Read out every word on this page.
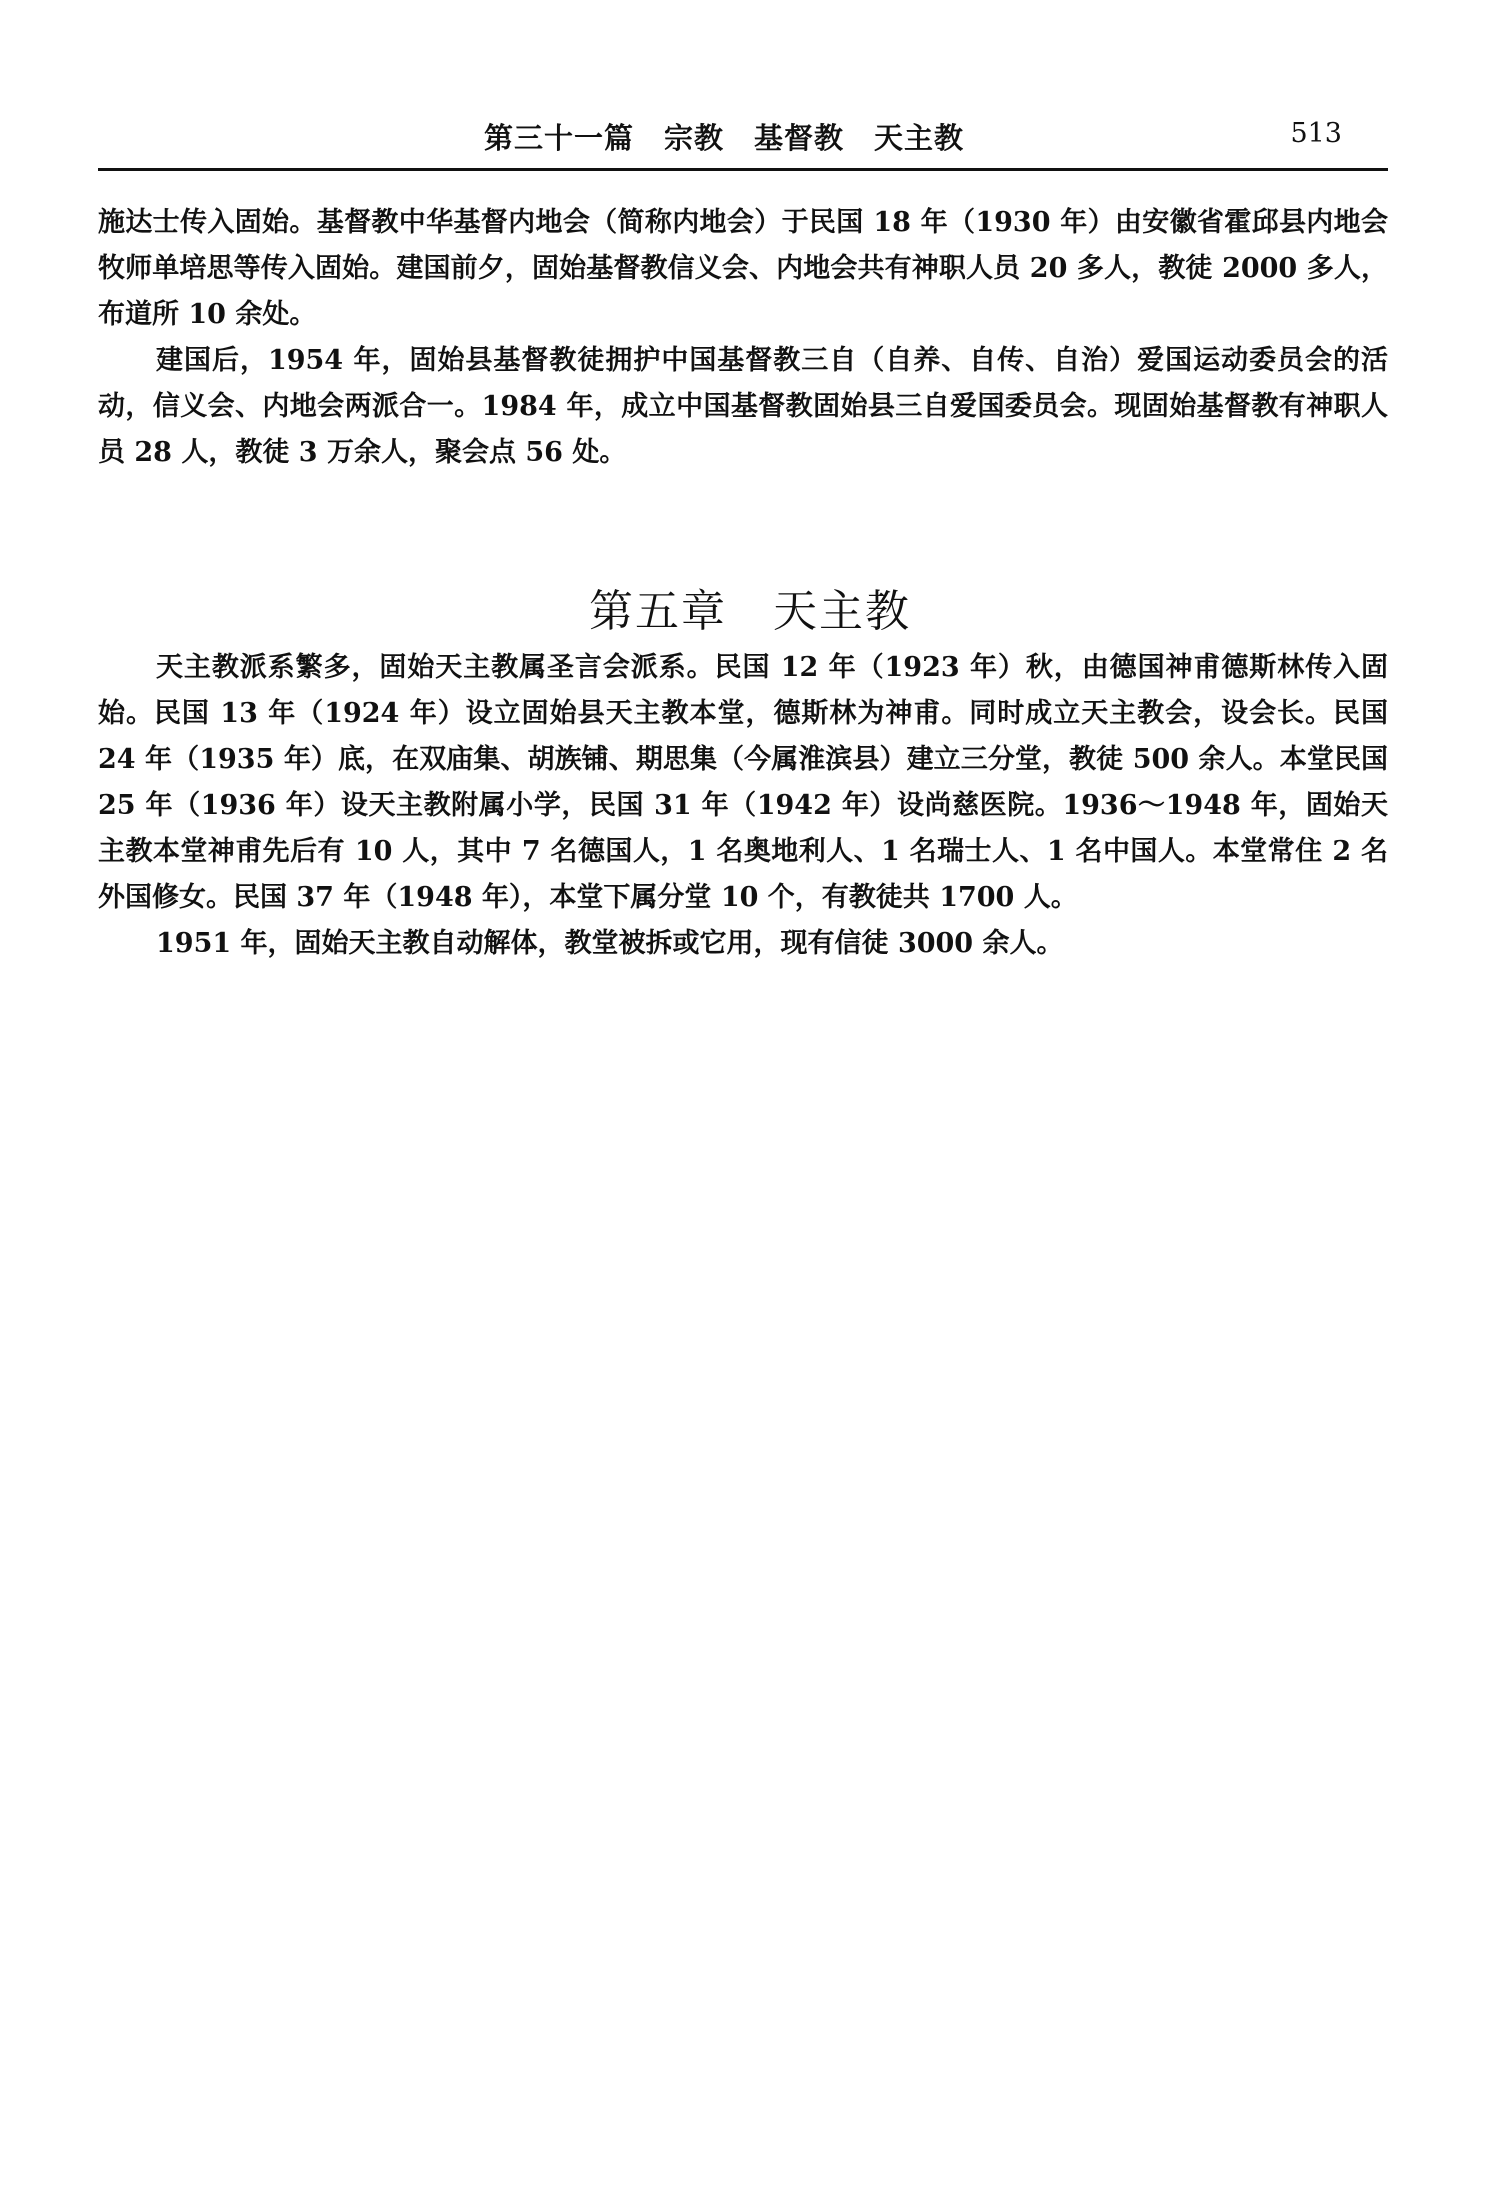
第三十一篇　宗教　基督教　天主教	513

施达士传入固始。基督教中华基督内地会（简称内地会）于民国 18 年（1930 年）由安徽省霍邱县内地会牧师单培思等传入固始。建国前夕，固始基督教信义会、内地会共有神职人员 20 多人，教徒 2000 多人，布道所 10 余处。

建国后，1954 年，固始县基督教徒拥护中国基督教三自（自养、自传、自治）爱国运动委员会的活动，信义会、内地会两派合一。1984 年，成立中国基督教固始县三自爱国委员会。现固始基督教有神职人员 28 人，教徒 3 万余人，聚会点 56 处。

第五章　天主教

天主教派系繁多，固始天主教属圣言会派系。民国 12 年（1923 年）秋，由德国神甫德斯林传入固始。民国 13 年（1924 年）设立固始县天主教本堂，德斯林为神甫。同时成立天主教会，设会长。民国 24 年（1935 年）底，在双庙集、胡族铺、期思集（今属淮滨县）建立三分堂，教徒 500 余人。本堂民国 25 年（1936 年）设天主教附属小学，民国 31 年（1942 年）设尚慈医院。1936～1948 年，固始天主教本堂神甫先后有 10 人，其中 7 名德国人，1 名奥地利人、1 名瑞士人、1 名中国人。本堂常住 2 名外国修女。民国 37 年（1948 年），本堂下属分堂 10 个，有教徒共 1700 人。

1951 年，固始天主教自动解体，教堂被拆或它用，现有信徒 3000 余人。
